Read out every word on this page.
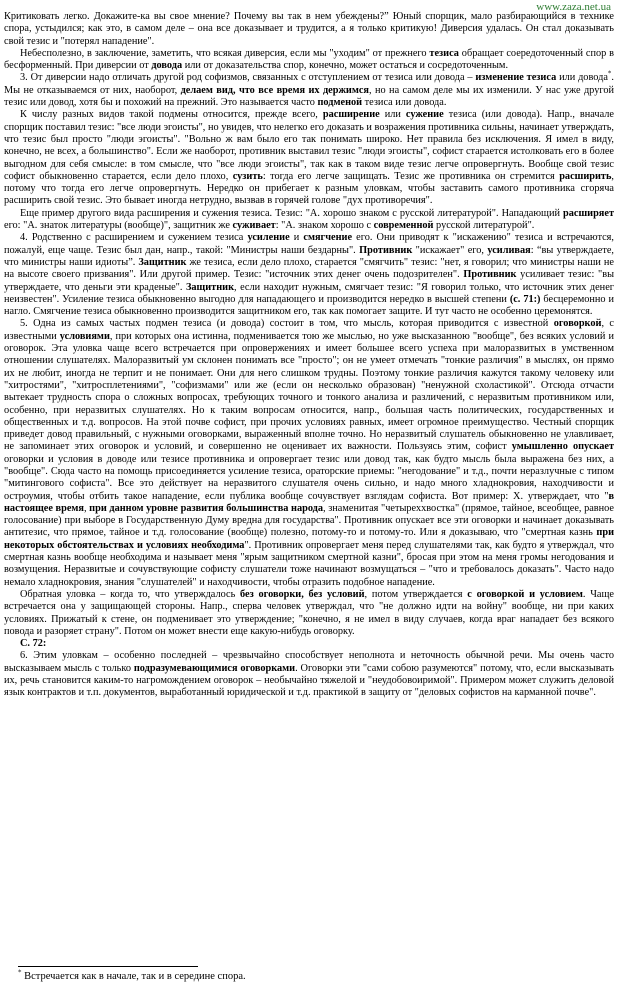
www.zaza.net.ua

Критиковать легко. Докажите-ка вы свое мнение? Почему вы так в нем убеждены?” Юный спорщик, мало разбирающийся в технике спора, устыдился; как это, в самом деле – она все доказывает и трудится, а я только критикую! Диверсия удалась. Он стал доказывать свой тезис и "потерял нападение".

Небесполезно, в заключение, заметить, что всякая диверсия, если мы "уходим" от прежнего тезиса обращает соередоточенный спор в бесформенный. При диверсии от довода или от доказательства спор, конечно, может остаться и сосредоточенным.

3. От диверсии надо отличать другой род софизмов, связанных с отступлением от тезиса или довода – изменение тезиса или довода*. Мы не отказываемся от них, наоборот, делаем вид, что все время их держимся, но на самом деле мы их изменили. У нас уже другой тезис или довод, хотя бы и похожий на прежний. Это называется часто подменой тезиса или довода.

К числу разных видов такой подмены относится, прежде всего, расширение или сужение тезиса (или довода). Напр., вначале спорщик поставил тезис: "все люди эгоисты", но увидев, что нелегко его доказать и возражения противника сильны, начинает утверждать, что тезис был просто "люди эгоисты". "Вольно ж вам было его так понимать широко. Нет правила без исключения. Я имел в виду, конечно, не всех, а большинство". Если же наоборот, противник выставил тезис "люди эгоисты", софист старается истолковать его в более выгодном для себя смысле: в том смысле, что "все люди эгоисты", так как в таком виде тезис легче опровергнуть. Вообще свой тезис софист обыкновенно старается, если дело плохо, сузить: тогда его легче защищать. Тезис же противника он стремится расширить, потому что тогда его легче опровергнуть. Нередко он прибегает к разным уловкам, чтобы заставить самого противника сгоряча расширить свой тезис. Это бывает иногда нетрудно, вызвав в горячей голове "дух противоречия".

Еще пример другого вида расширения и сужения тезиса. Тезис: "А. хорошо знаком с русской литературой". Нападающий расширяет его: "А. знаток литературы (вообще)", защитник же суживает: "А. знаком хорошо с современной русской литературой".

4. Родственно с расширением и сужением тезиса усиление и смягчение его. Они приводят к "искажению" тезиса и встречаются, пожалуй, еще чаще. Тезис был дан, напр., такой: "Министры наши бездарны". Противник "искажает" его, усиливая: “вы утверждаете, что министры наши идиоты”. Защитник же тезиса, если дело плохо, старается "смягчить" тезис: "нет, я говорил; что министры наши не на высоте своего призвания". Или другой пример. Тезис: "источник этих денег очень подозрителен". Противник усиливает тезис: "вы утверждаете, что деньги эти краденые". Защитник, если находит нужным, смягчает тезис: "Я говорил только, что источник этих денег неизвестен". Усиление тезиса обыкновенно выгодно для нападающего и производится нередко в высшей степени (с. 71:) бесцеремонно и нагло. Смягчение тезиса обыкновенно производится защитником его, так как помогает защите. И тут часто не особенно церемонятся.

5. Одна из самых частых подмен тезиса (и довода) состоит в том, что мысль, которая приводится с известной оговоркой, с известными условиями, при которых она истинна, подменивается тою же мыслью, но уже высказанною "вообще", без всяких условий и оговорок. Эта уловка чаще всего встречается при опровержениях и имеет большее всего успеха при малоразвитых в умственном отношении слушателях. Малоразвитый ум склонен понимать все "просто"; он не умеет отмечать "тонкие различия" в мыслях, он прямо их не любит, иногда не терпит и не понимает. Они для него слишком трудны. Поэтому тонкие различия кажутся такому человеку или "хитростями", "хитросплетениями", "софизмами" или же (если он несколько образован) "ненужной схоластикой". Отсюда отчасти вытекает трудность спора о сложных вопросах, требующих точного и тонкого анализа и различений, с неразвитым противником или, особенно, при неразвитых слушателях. Но к таким вопросам относится, напр., большая часть политических, государственных и общественных и т.д. вопросов. На этой почве софист, при прочих условиях равных, имеет огромное преимущество. Честный спорщик приведет довод правильный, с нужными оговорками, выраженный вполне точно. Но неразвитый слушатель обыкновенно не улавливает, не запоминает этих оговорок и условий, и совершенно не оценивает их важности. Пользуясь этим, софист умышленно опускает оговорки и условия в доводе или тезисе противника и опровергает тезис или довод так, как будто мысль была выражена без них, а "вообще". Сюда часто на помощь присоединяется усиление тезиса, ораторские приемы: "негодование" и т.д., почти неразлучные с типом "митингового софиста". Все это действует на неразвитого слушателя очень сильно, и надо много хладнокровия, находчивости и остроумия, чтобы отбить такое нападение, если публика вообще сочувствует взглядам софиста. Вот пример: Х. утверждает, что "в настоящее время, при данном уровне развития большинства народа, знаменитая "четыреххвостка" (прямое, тайное, всеобщее, равное голосование) при выборе в Государственную Думу вредна для государства". Противник опускает все эти оговорки и начинает доказывать антитезис, что прямое, тайное и т.д. голосование (вообще) полезно, потому-то и потому-то. Или я доказываю, что "смертная казнь при некоторых обстоятельствах и условиях необходима". Противник опровергает меня перед слушателями так, как будто я утверждал, что смертная казнь вообще необходима и называет меня "ярым защитником смертной казни", бросая при этом на меня громы негодования и возмущения. Неразвитые и сочувствующие софисту слушатели тоже начинают возмущаться – "что и требовалось доказать". Часто надо немало хладнокровия, знания "слушателей" и находчивости, чтобы отразить подобное нападение.

Обратная уловка – когда то, что утверждалось без оговорки, без условий, потом утверждается с оговоркой и условием. Чаще встречается она у защищающей стороны. Напр., сперва человек утверждал, что "не должно идти на войну" вообще, ни при каких условиях. Прижатый к стене, он подменивает это утверждение; "конечно, я не имел в виду случаев, когда враг нападает без всякого повода и разоряет страну". Потом он может внести еще какую-нибудь оговорку.

С. 72:

6. Этим уловкам – особенно последней – чрезвычайно способствует неполнота и неточность обычной речи. Мы очень часто высказываем мысль с только подразумевающимися оговорками. Оговорки эти "сами собою разумеются" потому, что, если высказывать их, речь становится каким-то нагромождением оговорок – необычайно тяжелой и "неудобовоиримой". Примером может служить деловой язык контрактов и т.п. документов, выработанный юридической и т.д. практикой в защиту от "деловых софистов на карманной почве".

* Встречается как в начале, так и в середине спора.
